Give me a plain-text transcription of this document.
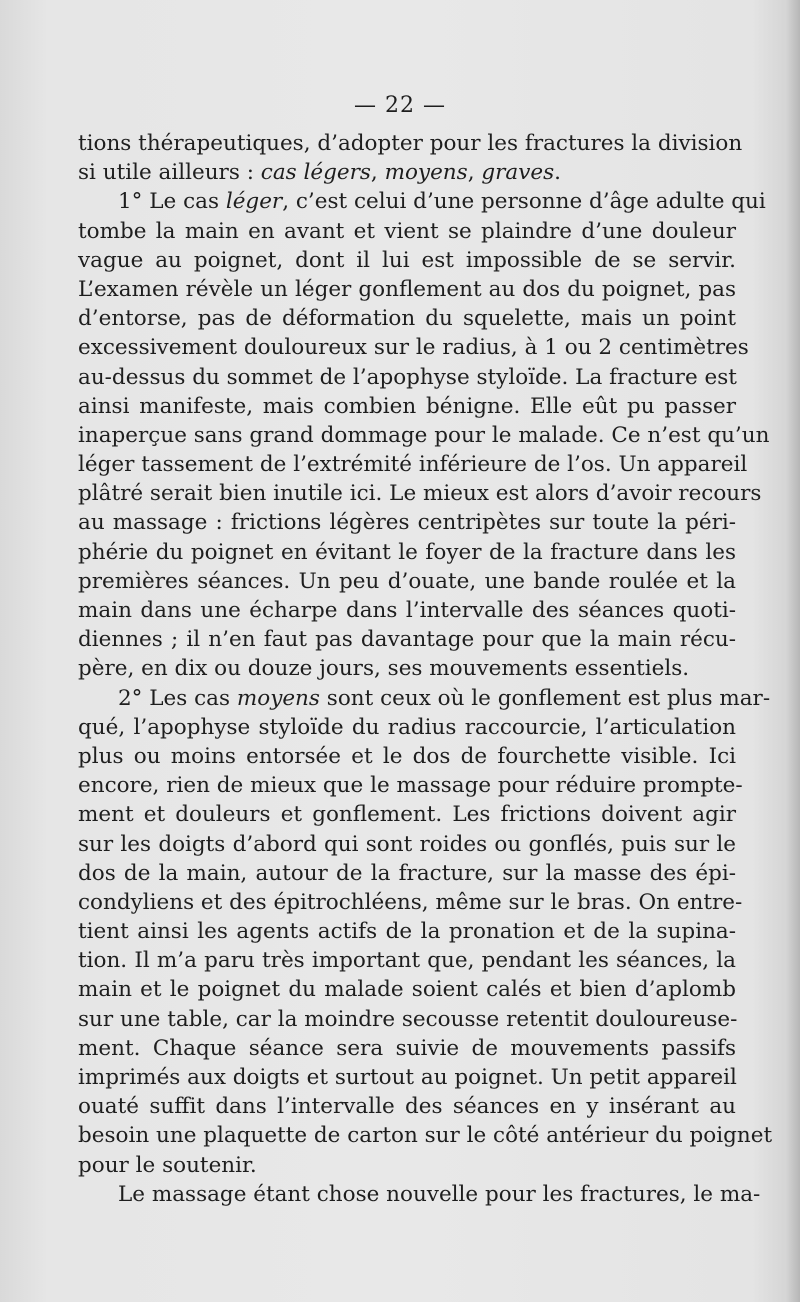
— 22 —
tions thérapeutiques, d’adopter pour les fractures la division
si utile ailleurs : cas légers, moyens, graves.
1° Le cas léger, c’est celui d’une personne d’âge adulte qui
tombe la main en avant et vient se plaindre d’une douleur
vague au poignet, dont il lui est impossible de se servir.
L’examen révèle un léger gonflement au dos du poignet, pas
d’entorse, pas de déformation du squelette, mais un point
excessivement douloureux sur le radius, à 1 ou 2 centimètres
au-dessus du sommet de l’apophyse styloïde. La fracture est
ainsi manifeste, mais combien bénigne. Elle eût pu passer
inaperçue sans grand dommage pour le malade. Ce n’est qu’un
léger tassement de l’extrémité inférieure de l’os. Un appareil
plâtré serait bien inutile ici. Le mieux est alors d’avoir recours
au massage : frictions légères centripètes sur toute la péri-
phérie du poignet en évitant le foyer de la fracture dans les
premières séances. Un peu d’ouate, une bande roulée et la
main dans une écharpe dans l’intervalle des séances quoti-
diennes ; il n’en faut pas davantage pour que la main récu-
père, en dix ou douze jours, ses mouvements essentiels.
2° Les cas moyens sont ceux où le gonflement est plus mar-
qué, l’apophyse styloïde du radius raccourcie, l’articulation
plus ou moins entorsée et le dos de fourchette visible. Ici
encore, rien de mieux que le massage pour réduire prompte-
ment et douleurs et gonflement. Les frictions doivent agir
sur les doigts d’abord qui sont roides ou gonflés, puis sur le
dos de la main, autour de la fracture, sur la masse des épi-
condyliens et des épitrochléens, même sur le bras. On entre-
tient ainsi les agents actifs de la pronation et de la supina-
tion. Il m’a paru très important que, pendant les séances, la
main et le poignet du malade soient calés et bien d’aplomb
sur une table, car la moindre secousse retentit douloureuse-
ment. Chaque séance sera suivie de mouvements passifs
imprimés aux doigts et surtout au poignet. Un petit appareil
ouaté suffit dans l’intervalle des séances en y insérant au
besoin une plaquette de carton sur le côté antérieur du poignet
pour le soutenir.
Le massage étant chose nouvelle pour les fractures, le ma-
